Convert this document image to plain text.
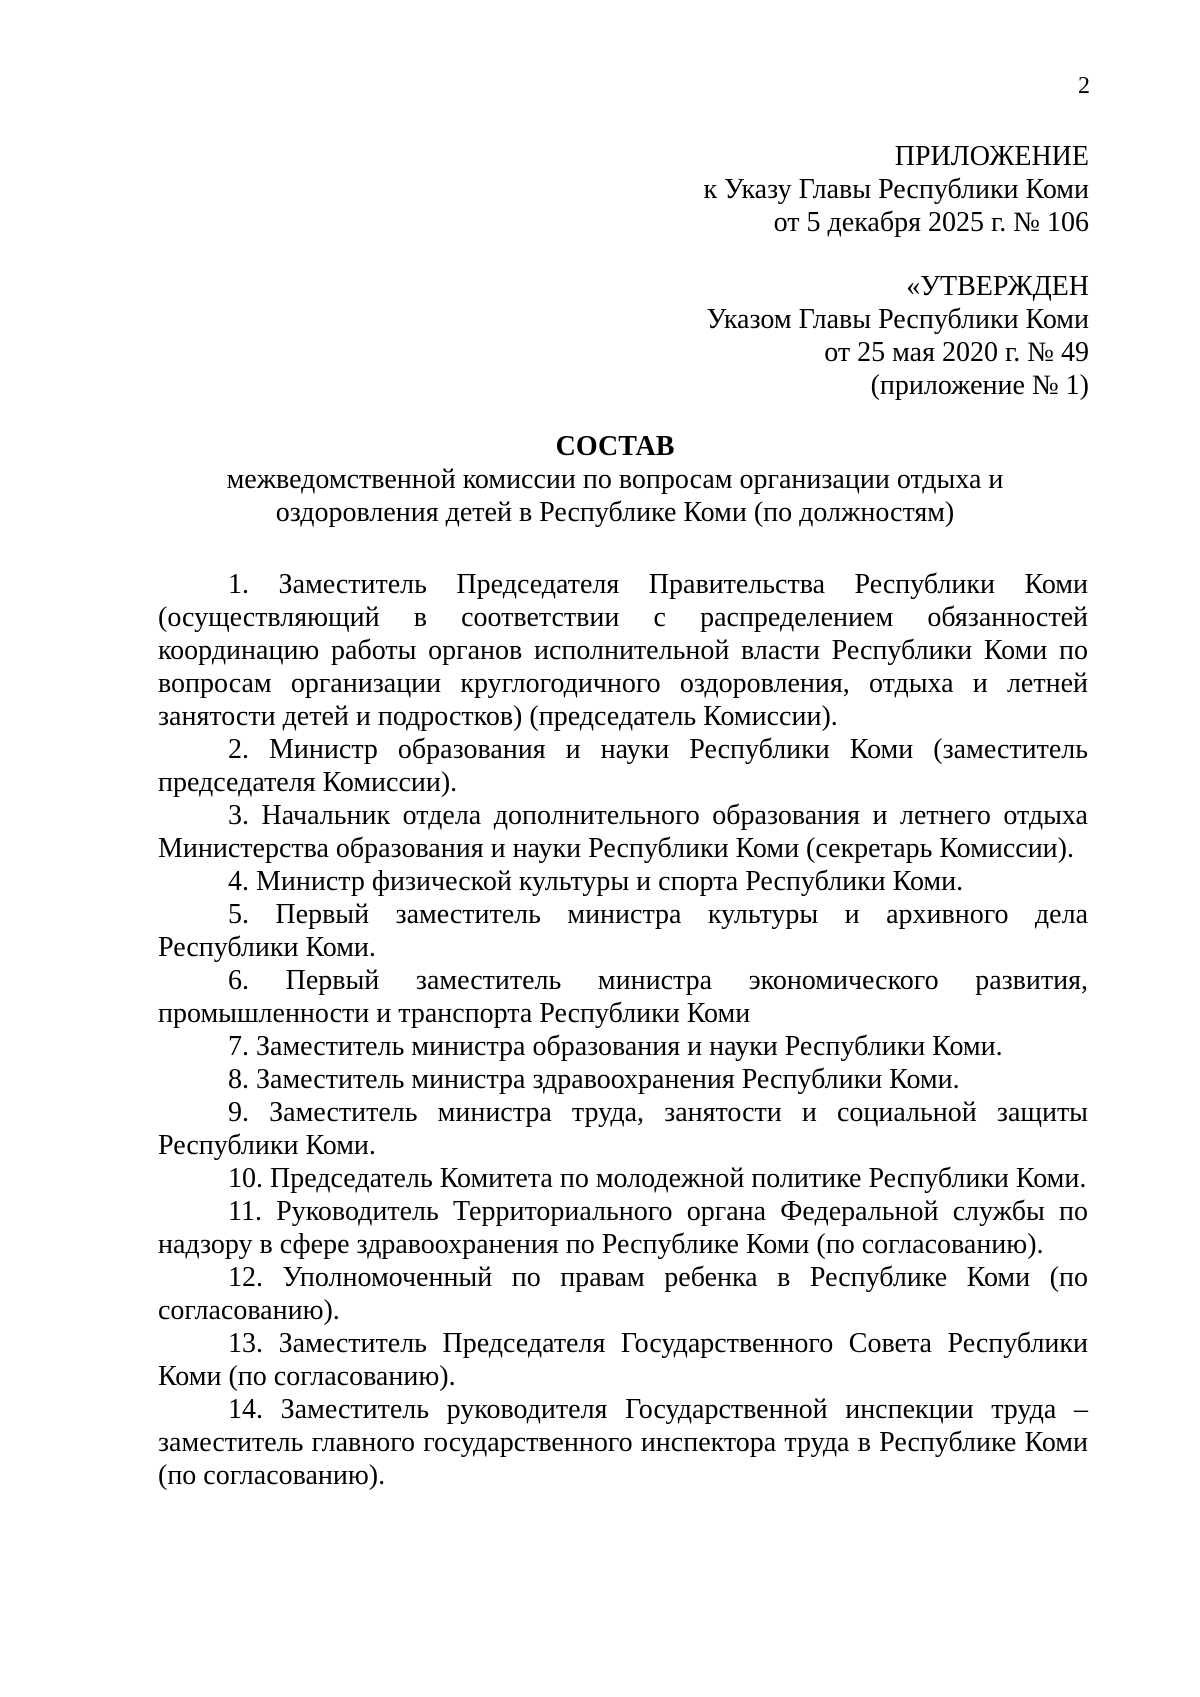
2
ПРИЛОЖЕНИЕ
к Указу Главы Республики Коми
от 5 декабря 2025 г. № 106
«УТВЕРЖДЕН
Указом Главы Республики Коми
от 25 мая 2020 г. № 49
(приложение № 1)

СОСТАВ

межведомственной комиссии по вопросам организации отдыха и
оздоровления детей в Республике Коми (по должностям)

1. Заместитель Председателя Правительства Республики Коми (осуществляющий в соответствии с распределением обязанностей координацию работы органов исполнительной власти Республики Коми по вопросам организации круглогодичного оздоровления, отдыха и летней занятости детей и подростков) (председатель Комиссии).

2. Министр образования и науки Республики Коми (заместитель председателя Комиссии).

3. Начальник отдела дополнительного образования и летнего отдыха Министерства образования и науки Республики Коми (секретарь Комиссии).

4. Министр физической культуры и спорта Республики Коми.

5. Первый заместитель министра культуры и архивного дела Республики Коми.

6. Первый заместитель министра экономического развития, промышленности и транспорта Республики Коми

7. Заместитель министра образования и науки Республики Коми.

8. Заместитель министра здравоохранения Республики Коми.

9. Заместитель министра труда, занятости и социальной защиты Республики Коми.

10. Председатель Комитета по молодежной политике Республики Коми.

11. Руководитель Территориального органа Федеральной службы по надзору в сфере здравоохранения по Республике Коми (по согласованию).

12. Уполномоченный по правам ребенка в Республике Коми (по согласованию).

13. Заместитель Председателя Государственного Совета Республики Коми (по согласованию).

14. Заместитель руководителя Государственной инспекции труда – заместитель главного государственного инспектора труда в Республике Коми (по согласованию).
